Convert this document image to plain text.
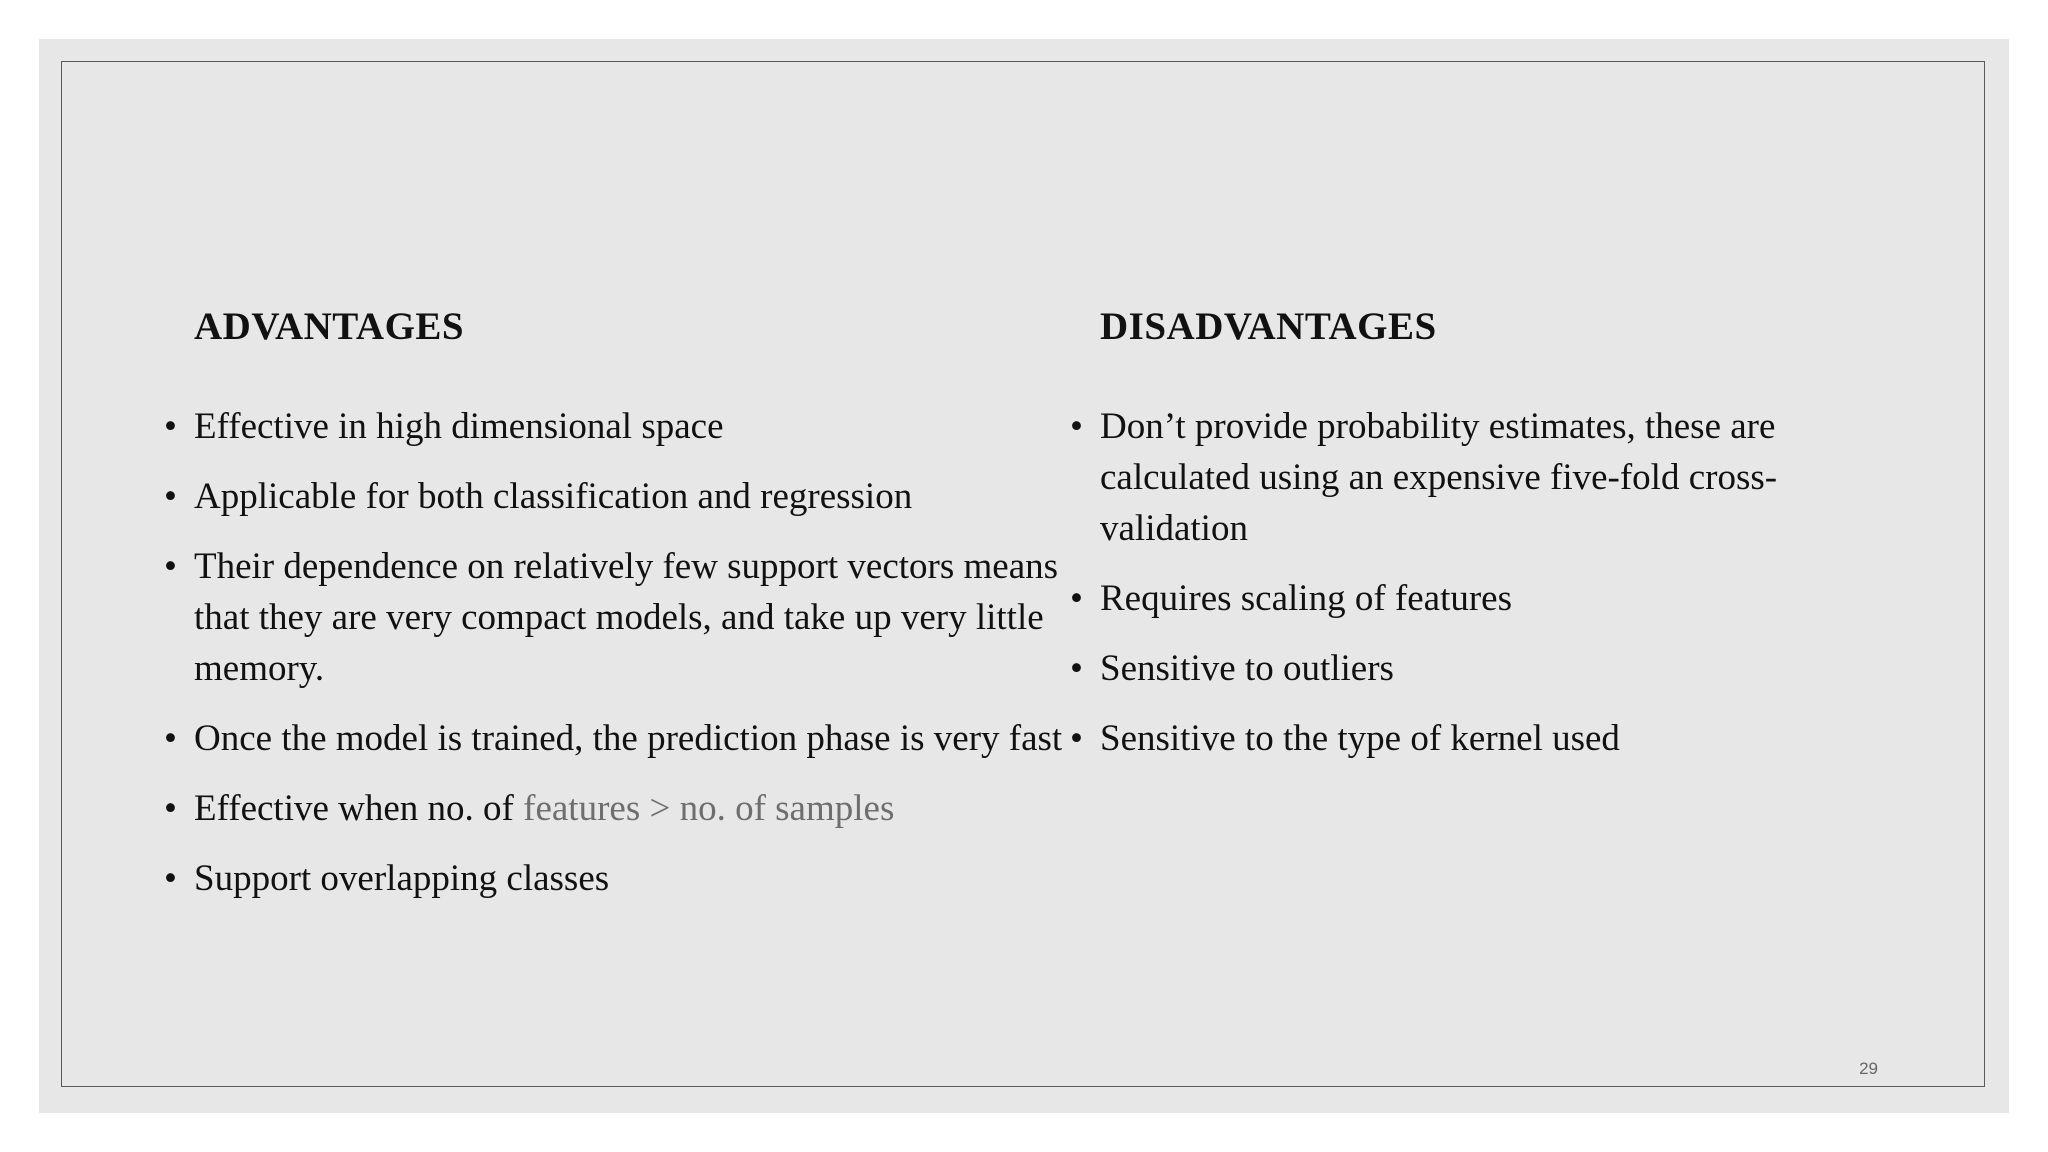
ADVANTAGES	DISADVANTAGES
• Effective in high dimensional space
• Applicable for both classification and regression
• Their dependence on relatively few support vectors means that they are very compact models, and take up very little memory.
• Once the model is trained, the prediction phase is very fast
• Effective when no. of features > no. of samples
• Support overlapping classes
• Don’t provide probability estimates, these are calculated using an expensive five-fold cross-validation
• Requires scaling of features
• Sensitive to outliers
• Sensitive to the type of kernel used
29
